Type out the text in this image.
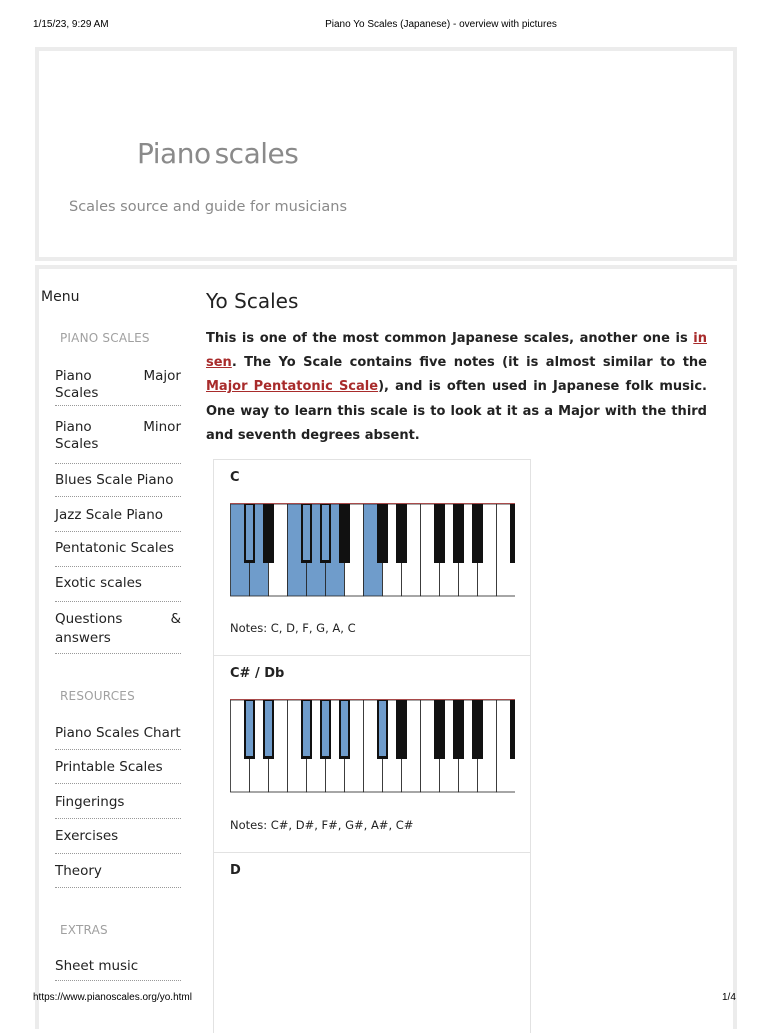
1/15/23, 9:29 AM	Piano Yo Scales (Japanese) - overview with pictures
Piano scales
Scales source and guide for musicians
Menu
PIANO SCALES
Piano Major Scales
Piano Minor Scales
Blues Scale Piano
Jazz Scale Piano
Pentatonic Scales
Exotic scales
Questions & answers
RESOURCES
Piano Scales Chart
Printable Scales
Fingerings
Exercises
Theory
EXTRAS
Sheet music
Yo Scales
This is one of the most common Japanese scales, another one is in sen. The Yo Scale contains five notes (it is almost similar to the Major Pentatonic Scale), and is often used in Japanese folk music. One way to learn this scale is to look at it as a Major with the third and seventh degrees absent.
C
Notes: C, D, F, G, A, C
C# / Db
Notes: C#, D#, F#, G#, A#, C#
D
https://www.pianoscales.org/yo.html	1/4
